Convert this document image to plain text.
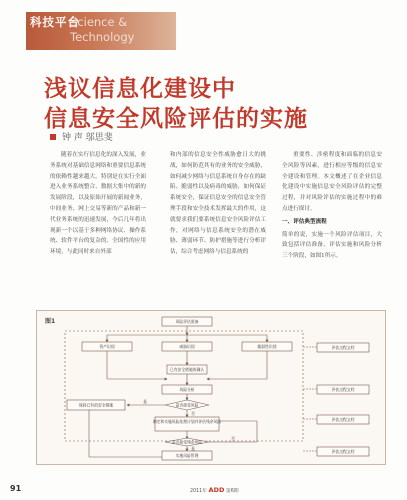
科技平台
Science & Technology
浅议信息化建设中
信息安全风险评估的实施
钟 声 邬思斐
随着在实行信息化的深入发展，业务系统对基础信息网络和重要信息系统的依赖性越来越大。特别是在实行全面进入业务系统整合、数据大集中的新的发展阶段，以及原始开展的新闻业务，中间业务、网上交易等新的产品和新一代业务系统的迅速发展，今后几年将出现新一个以基于多种网络协议、操作系统、软件平台的复杂的、全国性的应用环境，与此同时来自外部
和内部的信息安全性威胁愈日大的挑战，如何防范其有的业务的安全威胁，如何减少网络与信息系统自身存在的缺陷、脆弱性以及病毒的威胁，如何保证系统安全，保证信息安全的信息安全管理手段和安全技术发挥最大的作用，这就要求我们要系统信息安全风险评估工作，对网络与信息系统安全的潜在威胁、薄弱环节、防护措施等进行分析评估，综合考虑网络与信息系统的
重要性、涉密程度和面临的信息安全风险等因素，进行相应等级的信息安全建设和管理。本文概述了在企业信息化建设中实施信息安全风险评估的完整过程，并对风险评估的实施过程中的难点进行探讨。
一、评估典型流程
简单的说，实施一个风险评估项目，大致包括评估准备，评估实施和风险分析三个阶段，如图1所示。
图1	风险评估准备
资产识别	威胁识别	脆弱性识别
已有安全措施的确认
风险分析
是否接受风险
保持已有的安全措施
制定和实施风险处理计划并评估残余风险
是否接受残余风险
实施风险管理
评估过程文档
评估过程文档
评估过程文档
评估过程文档
是
否
是
否
91	2011年 ADD 第6期
